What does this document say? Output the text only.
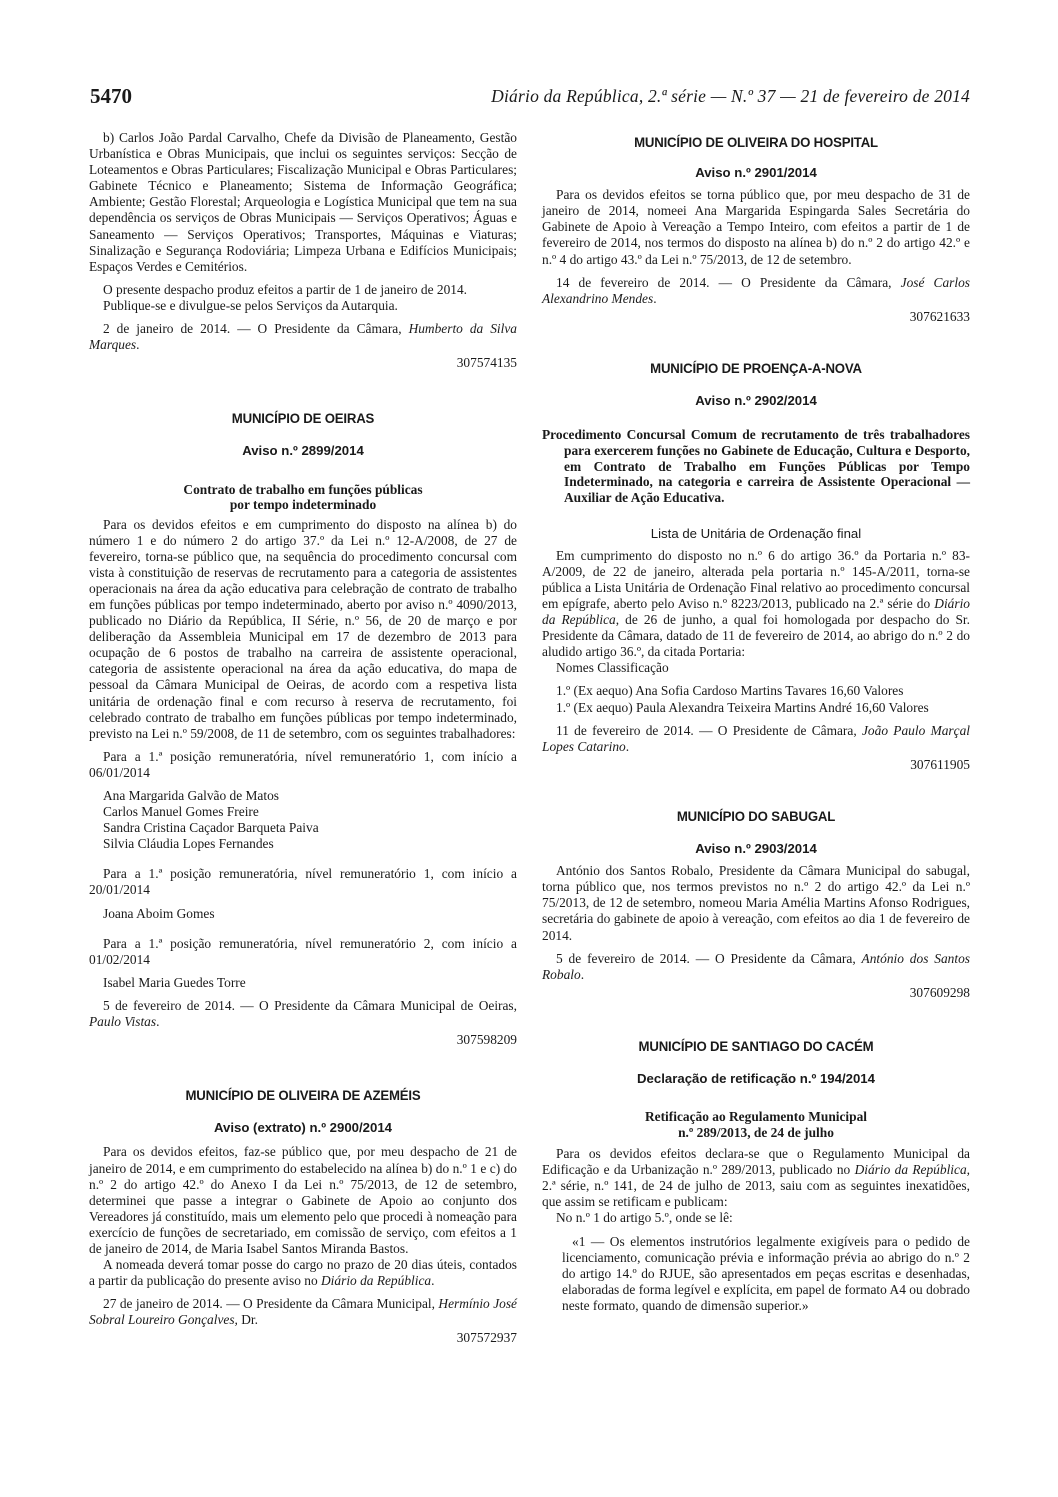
5470	Diário da República, 2.ª série — N.º 37 — 21 de fevereiro de 2014

b) Carlos João Pardal Carvalho, Chefe da Divisão de Planeamento, Gestão Urbanística e Obras Municipais, que inclui os seguintes serviços: Secção de Loteamentos e Obras Particulares; Fiscalização Municipal e Obras Particulares; Gabinete Técnico e Planeamento; Sistema de Informação Geográfica; Ambiente; Gestão Florestal; Arqueologia e Logística Municipal que tem na sua dependência os serviços de Obras Municipais — Serviços Operativos; Águas e Saneamento — Serviços Operativos; Transportes, Máquinas e Viaturas; Sinalização e Segurança Rodoviária; Limpeza Urbana e Edifícios Municipais; Espaços Verdes e Cemitérios.

O presente despacho produz efeitos a partir de 1 de janeiro de 2014.

Publique-se e divulgue-se pelos Serviços da Autarquia.

2 de janeiro de 2014. — O Presidente da Câmara, Humberto da Silva Marques.

307574135

MUNICÍPIO DE OEIRAS
Aviso n.º 2899/2014
Contrato de trabalho em funções públicas
por tempo indeterminado

Para os devidos efeitos e em cumprimento do disposto na alínea b) do número 1 e do número 2 do artigo 37.º da Lei n.º 12-A/2008, de 27 de fevereiro, torna-se público que, na sequência do procedimento concursal com vista à constituição de reservas de recrutamento para a categoria de assistentes operacionais na área da ação educativa para celebração de contrato de trabalho em funções públicas por tempo indeterminado, aberto por aviso n.º 4090/2013, publicado no Diário da República, II Série, n.º 56, de 20 de março e por deliberação da Assembleia Municipal em 17 de dezembro de 2013 para ocupação de 6 postos de trabalho na carreira de assistente operacional, categoria de assistente operacional na área da ação educativa, do mapa de pessoal da Câmara Municipal de Oeiras, de acordo com a respetiva lista unitária de ordenação final e com recurso à reserva de recrutamento, foi celebrado contrato de trabalho em funções públicas por tempo indeterminado, previsto na Lei n.º 59/2008, de 11 de setembro, com os seguintes trabalhadores:

Para a 1.ª posição remuneratória, nível remuneratório 1, com início a 06/01/2014

Ana Margarida Galvão de Matos

Carlos Manuel Gomes Freire

Sandra Cristina Caçador Barqueta Paiva

Silvia Cláudia Lopes Fernandes

Para a 1.ª posição remuneratória, nível remuneratório 1, com início a 20/01/2014

Joana Aboim Gomes

Para a 1.ª posição remuneratória, nível remuneratório 2, com início a 01/02/2014

Isabel Maria Guedes Torre

5 de fevereiro de 2014. — O Presidente da Câmara Municipal de Oeiras, Paulo Vistas.

307598209

MUNICÍPIO DE OLIVEIRA DE AZEMÉIS
Aviso (extrato) n.º 2900/2014

Para os devidos efeitos, faz-se público que, por meu despacho de 21 de janeiro de 2014, e em cumprimento do estabelecido na alínea b) do n.º 1 e c) do n.º 2 do artigo 42.º do Anexo I da Lei n.º 75/2013, de 12 de setembro, determinei que passe a integrar o Gabinete de Apoio ao conjunto dos Vereadores já constituído, mais um elemento pelo que procedi à nomeação para exercício de funções de secretariado, em comissão de serviço, com efeitos a 1 de janeiro de 2014, de Maria Isabel Santos Miranda Bastos.

A nomeada deverá tomar posse do cargo no prazo de 20 dias úteis, contados a partir da publicação do presente aviso no Diário da República.

27 de janeiro de 2014. — O Presidente da Câmara Municipal, Hermínio José Sobral Loureiro Gonçalves, Dr.

307572937

MUNICÍPIO DE OLIVEIRA DO HOSPITAL
Aviso n.º 2901/2014

Para os devidos efeitos se torna público que, por meu despacho de 31 de janeiro de 2014, nomeei Ana Margarida Espingarda Sales Secretária do Gabinete de Apoio à Vereação a Tempo Inteiro, com efeitos a partir de 1 de fevereiro de 2014, nos termos do disposto na alínea b) do n.º 2 do artigo 42.º e n.º 4 do artigo 43.º da Lei n.º 75/2013, de 12 de setembro.

14 de fevereiro de 2014. — O Presidente da Câmara, José Carlos Alexandrino Mendes.

307621633

MUNICÍPIO DE PROENÇA-A-NOVA
Aviso n.º 2902/2014

Procedimento Concursal Comum de recrutamento de três trabalhadores para exercerem funções no Gabinete de Educação, Cultura e Desporto, em Contrato de Trabalho em Funções Públicas por Tempo Indeterminado, na categoria e carreira de Assistente Operacional — Auxiliar de Ação Educativa.

Lista de Unitária de Ordenação final

Em cumprimento do disposto no n.º 6 do artigo 36.º da Portaria n.º 83-A/2009, de 22 de janeiro, alterada pela portaria n.º 145-A/2011, torna-se pública a Lista Unitária de Ordenação Final relativo ao procedimento concursal em epígrafe, aberto pelo Aviso n.º 8223/2013, publicado na 2.ª série do Diário da República, de 26 de junho, a qual foi homologada por despacho do Sr. Presidente da Câmara, datado de 11 de fevereiro de 2014, ao abrigo do n.º 2 do aludido artigo 36.º, da citada Portaria:

Nomes Classificação

1.º (Ex aequo) Ana Sofia Cardoso Martins Tavares 16,60 Valores

1.º (Ex aequo) Paula Alexandra Teixeira Martins André 16,60 Valores

11 de fevereiro de 2014. — O Presidente de Câmara, João Paulo Marçal Lopes Catarino.

307611905

MUNICÍPIO DO SABUGAL
Aviso n.º 2903/2014

António dos Santos Robalo, Presidente da Câmara Municipal do sabugal, torna público que, nos termos previstos no n.º 2 do artigo 42.º da Lei n.º 75/2013, de 12 de setembro, nomeou Maria Amélia Martins Afonso Rodrigues, secretária do gabinete de apoio à vereação, com efeitos ao dia 1 de fevereiro de 2014.

5 de fevereiro de 2014. — O Presidente da Câmara, António dos Santos Robalo.

307609298

MUNICÍPIO DE SANTIAGO DO CACÉM
Declaração de retificação n.º 194/2014
Retificação ao Regulamento Municipal
n.º 289/2013, de 24 de julho

Para os devidos efeitos declara-se que o Regulamento Municipal da Edificação e da Urbanização n.º 289/2013, publicado no Diário da República, 2.ª série, n.º 141, de 24 de julho de 2013, saiu com as seguintes inexatidões, que assim se retificam e publicam:

No n.º 1 do artigo 5.º, onde se lê:

«1 — Os elementos instrutórios legalmente exigíveis para o pedido de licenciamento, comunicação prévia e informação prévia ao abrigo do n.º 2 do artigo 14.º do RJUE, são apresentados em peças escritas e desenhadas, elaboradas de forma legível e explícita, em papel de formato A4 ou dobrado neste formato, quando de dimensão superior.»
